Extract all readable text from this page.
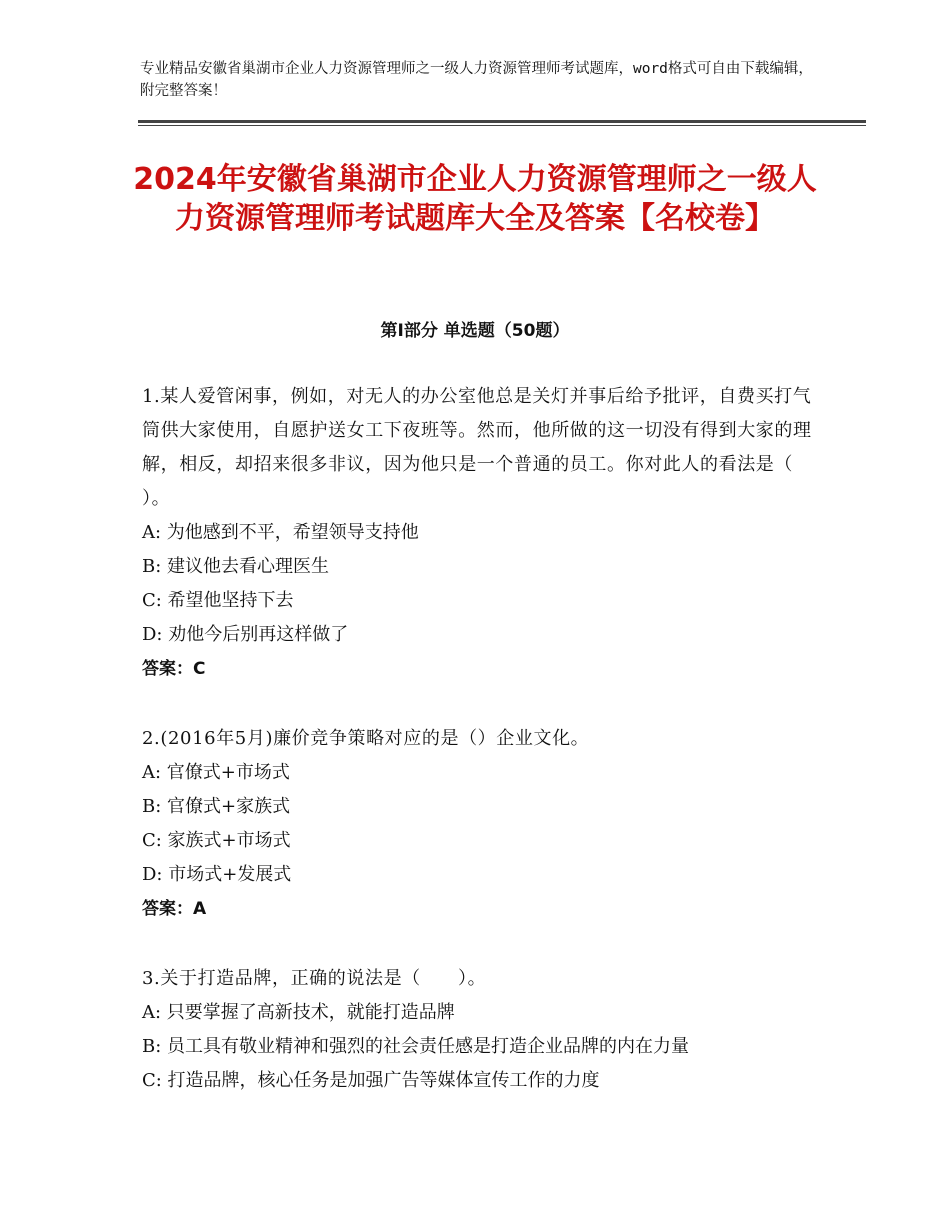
专业精品安徽省巢湖市企业人力资源管理师之一级人力资源管理师考试题库，word格式可自由下载编辑，附完整答案！
2024年安徽省巢湖市企业人力资源管理师之一级人力资源管理师考试题库大全及答案【名校卷】
第Ⅰ部分 单选题（50题）
1.某人爱管闲事，例如，对无人的办公室他总是关灯并事后给予批评，自费买打气筒供大家使用，自愿护送女工下夜班等。然而，他所做的这一切没有得到大家的理解，相反，却招来很多非议，因为他只是一个普通的员工。你对此人的看法是（ ）。
A: 为他感到不平，希望领导支持他
B: 建议他去看心理医生
C: 希望他坚持下去
D: 劝他今后别再这样做了
答案：C
2.(2016年5月)廉价竞争策略对应的是（）企业文化。
A: 官僚式+市场式
B: 官僚式+家族式
C: 家族式+市场式
D: 市场式+发展式
答案：A
3.关于打造品牌，正确的说法是（　　）。
A: 只要掌握了高新技术，就能打造品牌
B: 员工具有敬业精神和强烈的社会责任感是打造企业品牌的内在力量
C: 打造品牌，核心任务是加强广告等媒体宣传工作的力度
